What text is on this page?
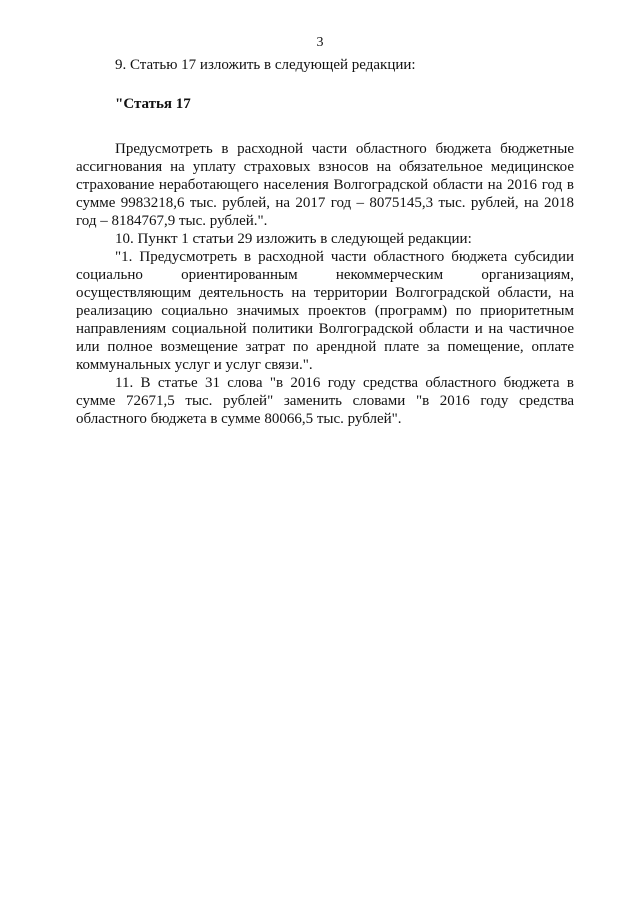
3

9. Статью 17 изложить в следующей редакции:

"Статья 17

Предусмотреть в расходной части областного бюджета бюджетные ассигнования на уплату страховых взносов на обязательное медицинское страхование неработающего населения Волгоградской области на 2016 год в сумме 9983218,6 тыс. рублей, на 2017 год – 8075145,3 тыс. рублей, на 2018 год – 8184767,9 тыс. рублей.".

10. Пункт 1 статьи 29 изложить в следующей редакции:

"1. Предусмотреть в расходной части областного бюджета субсидии социально ориентированным некоммерческим организациям, осуществляющим деятельность на территории Волгоградской области, на реализацию социально значимых проектов (программ) по приоритетным направлениям социальной политики Волгоградской области и на частичное или полное возмещение затрат по арендной плате за помещение, оплате коммунальных услуг и услуг связи.".

11. В статье 31 слова "в 2016 году средства областного бюджета в сумме 72671,5 тыс. рублей" заменить словами "в 2016 году средства областного бюджета в сумме 80066,5 тыс. рублей".
